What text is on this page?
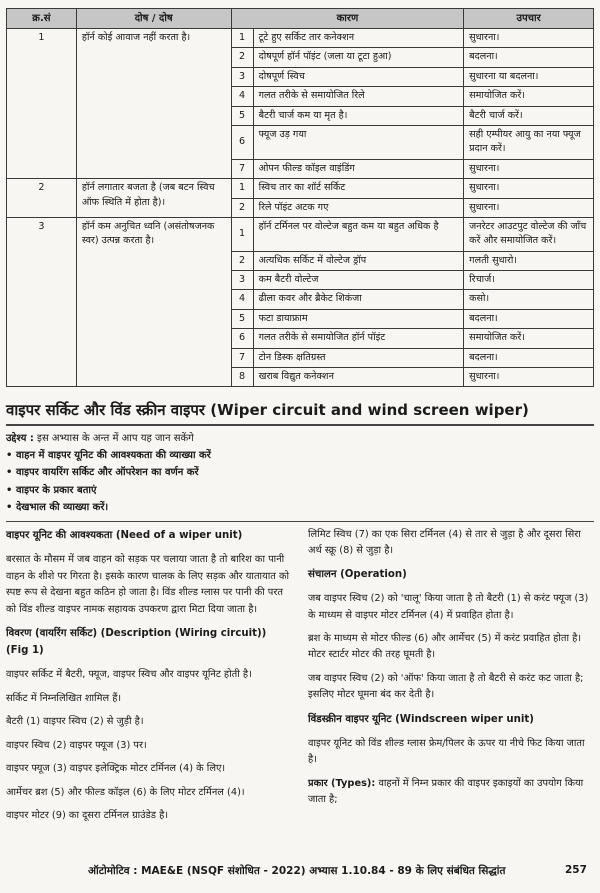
क्र.सं	दोष / दोष	कारण		उपचार
1	हॉर्न कोई आवाज नहीं करता है।	1	टूटे हुए सर्किट तार कनेक्शन	सुधारना।
		2	दोषपूर्ण हॉर्न पॉइंट (जला या टूटा हुआ)	बदलना।
		3	दोषपूर्ण स्विच	सुधारना या बदलना।
		4	गलत तरीके से समायोजित रिले	समायोजित करें।
		5	बैटरी चार्ज कम या मृत है।	बैटरी चार्ज करें।
		6	फ्यूज उड़ गया	सही एम्पीयर आयु का नया फ्यूज प्रदान करें।
		7	ओपन फील्ड कॉइल वाइंडिंग	सुधारना।
2	हॉर्न लगातार बजता है (जब बटन स्विच ऑफ स्थिति में होता है)।	1	स्विच तार का शॉर्ट सर्किट	सुधारना।
		2	रिले पॉइंट अटक गए	सुधारना।
3	हॉर्न कम अनुचित ध्वनि (असंतोषजनक स्वर) उत्पन्न करता है।	1	हॉर्न टर्मिनल पर वोल्टेज बहुत कम या बहुत अधिक है	जनरेटर आउटपुट वोल्टेज की जाँच करें और समायोजित करें।
		2	अत्यधिक सर्किट में वोल्टेज ड्रॉप	गलती सुधारो।
		3	कम बैटरी वोल्टेज	रिचार्ज।
		4	ढीला कवर और ब्रैकेट शिकंजा	कसो।
		5	फटा डायाफ्राम	बदलना।
		6	गलत तरीके से समायोजित हॉर्न पॉइंट	समायोजित करें।
		7	टोन डिस्क क्षतिग्रस्त	बदलना।
		8	खराब विद्युत कनेक्शन	सुधारना।
वाइपर सर्किट और विंड स्क्रीन वाइपर (Wiper circuit and wind screen wiper)
उद्देश्य : इस अभ्यास के अन्त में आप यह जान सकेंगे
• वाहन में वाइपर यूनिट की आवश्यकता की व्याख्या करें
• वाइपर वायरिंग सर्किट और ऑपरेशन का वर्णन करें
• वाइपर के प्रकार बताएं
• देखभाल की व्याख्या करें।
वाइपर यूनिट की आवश्यकता (Need of a wiper unit)

बरसात के मौसम में जब वाहन को सड़क पर चलाया जाता है तो बारिश का पानी वाहन के शीशे पर गिरता है। इसके कारण चालक के लिए सड़क और यातायात को स्पष्ट रूप से देखना बहुत कठिन हो जाता है। विंड शील्ड ग्लास पर पानी की परत को विंड शील्ड वाइपर नामक सहायक उपकरण द्वारा मिटा दिया जाता है।

विवरण (वायरिंग सर्किट) (Description (Wiring circuit)) (Fig 1)

वाइपर सर्किट में बैटरी, फ्यूज, वाइपर स्विच और वाइपर यूनिट होती है।

सर्किट में निम्नलिखित शामिल हैं।

बैटरी (1) वाइपर स्विच (2) से जुड़ी है।

वाइपर स्विच (2) वाइपर फ्यूज (3) पर।

वाइपर फ्यूज (3) वाइपर इलेक्ट्रिक मोटर टर्मिनल (4) के लिए।

आर्मेचर ब्रश (5) और फील्ड कॉइल (6) के लिए मोटर टर्मिनल (4)।

वाइपर मोटर (9) का दूसरा टर्मिनल ग्राउंडेड है।

लिमिट स्विच (7) का एक सिरा टर्मिनल (4) से तार से जुड़ा है और दूसरा सिरा अर्थ स्क्रू (8) से जुड़ा है।

संचालन (Operation)

जब वाइपर स्विच (2) को 'चालू' किया जाता है तो बैटरी (1) से करंट फ्यूज (3) के माध्यम से वाइपर मोटर टर्मिनल (4) में प्रवाहित होता है।

ब्रश के माध्यम से मोटर फील्ड (6) और आर्मेचर (5) में करंट प्रवाहित होता है। मोटर स्टार्टर मोटर की तरह घूमती है।

जब वाइपर स्विच (2) को 'ऑफ' किया जाता है तो बैटरी से करंट कट जाता है; इसलिए मोटर घूमना बंद कर देती है।

विंडस्क्रीन वाइपर यूनिट (Windscreen wiper unit)

वाइपर यूनिट को विंड शील्ड ग्लास फ्रेम/पिलर के ऊपर या नीचे फिट किया जाता है।

प्रकार (Types): वाहनों में निम्न प्रकार की वाइपर इकाइयों का उपयोग किया जाता है;

ऑटोमोटिव : MAE&E (NSQF संशोधित - 2022) अभ्यास 1.10.84 - 89 के लिए संबंधित सिद्धांत	257
